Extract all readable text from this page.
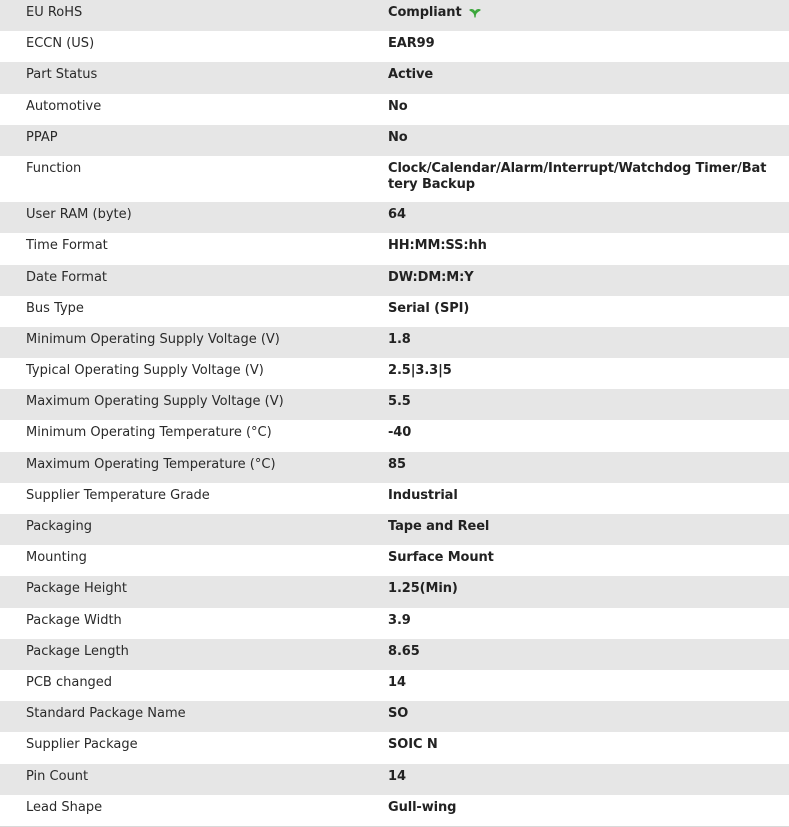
EU RoHS	Compliant
ECCN (US)	EAR99
Part Status	Active
Automotive	No
PPAP	No
Function	Clock/Calendar/Alarm/Interrupt/Watchdog Timer/Battery Backup
User RAM (byte)	64
Time Format	HH:MM:SS:hh
Date Format	DW:DM:M:Y
Bus Type	Serial (SPI)
Minimum Operating Supply Voltage (V)	1.8
Typical Operating Supply Voltage (V)	2.5|3.3|5
Maximum Operating Supply Voltage (V)	5.5
Minimum Operating Temperature (°C)	-40
Maximum Operating Temperature (°C)	85
Supplier Temperature Grade	Industrial
Packaging	Tape and Reel
Mounting	Surface Mount
Package Height	1.25(Min)
Package Width	3.9
Package Length	8.65
PCB changed	14
Standard Package Name	SO
Supplier Package	SOIC N
Pin Count	14
Lead Shape	Gull-wing
